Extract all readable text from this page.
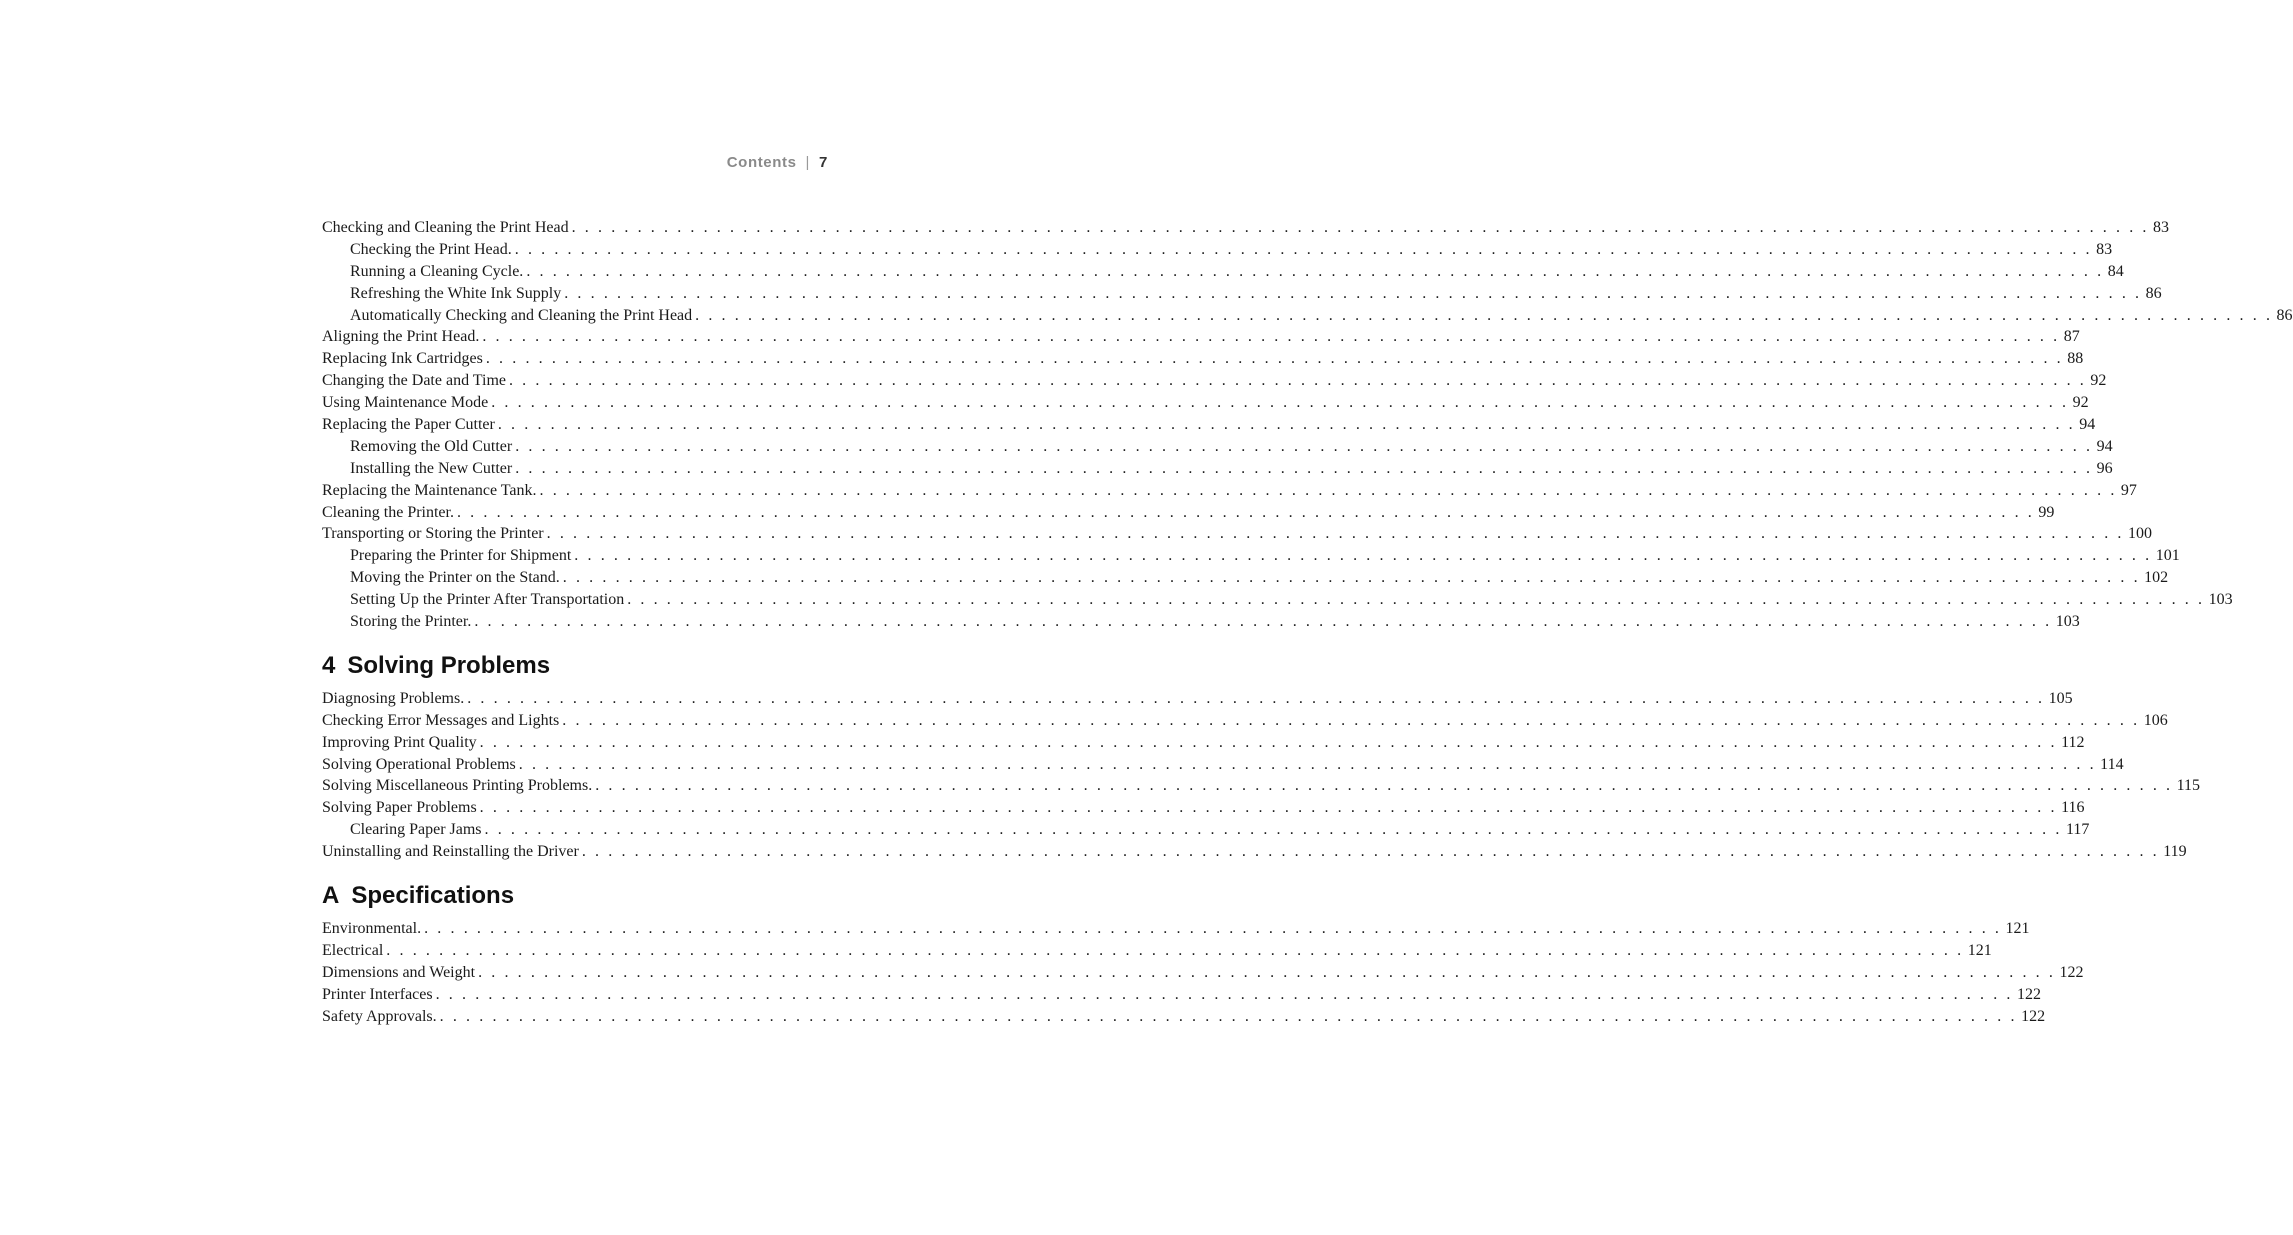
Contents | 7
Checking and Cleaning the Print Head . . . . . . . . . . . . . . . . . . . . . . . . . . . . . . . . . . . . . . . . . . . . . . . . . . . . . . . . . . . . . . . . . . . . . . . . . . . . . . . . . . . . . . . . . . . . . . . . . . . . . . . . . . . . . . . . . . . . . . . . 83
Checking the Print Head. . . . . . . . . . . . . . . . . . . . . . . . . . . . . . . . . . . . . . . . . . . . . . . . . . . . . . . . . . . . . . . . . . . . . . . . . . . . . . . . . . . . . . . . . . . . . . . . . . . . . . . . . . . . . . . . . . . . . . . . . 83
Running a Cleaning Cycle. . . . . . . . . . . . . . . . . . . . . . . . . . . . . . . . . . . . . . . . . . . . . . . . . . . . . . . . . . . . . . . . . . . . . . . . . . . . . . . . . . . . . . . . . . . . . . . . . . . . . . . . . . . . . . . . . . . . . . . . . 84
Refreshing the White Ink Supply . . . . . . . . . . . . . . . . . . . . . . . . . . . . . . . . . . . . . . . . . . . . . . . . . . . . . . . . . . . . . . . . . . . . . . . . . . . . . . . . . . . . . . . . . . . . . . . . . . . . . . . . . . . . . . . . . . . . . . . . 86
Automatically Checking and Cleaning the Print Head . . . . . . . . . . . . . . . . . . . . . . . . . . . . . . . . . . . . . . . . . . . . . . . . . . . . . . . . . . . . . . . . . . . . . . . . . . . . . . . . . . . . . . . . . . . . . . . . . . . . . . . . . . . . . . . . . . . . . . . . 86
Aligning the Print Head. . . . . . . . . . . . . . . . . . . . . . . . . . . . . . . . . . . . . . . . . . . . . . . . . . . . . . . . . . . . . . . . . . . . . . . . . . . . . . . . . . . . . . . . . . . . . . . . . . . . . . . . . . . . . . . . . . . . . . . . . 87
Replacing Ink Cartridges . . . . . . . . . . . . . . . . . . . . . . . . . . . . . . . . . . . . . . . . . . . . . . . . . . . . . . . . . . . . . . . . . . . . . . . . . . . . . . . . . . . . . . . . . . . . . . . . . . . . . . . . . . . . . . . . . . . . . . . . 88
Changing the Date and Time . . . . . . . . . . . . . . . . . . . . . . . . . . . . . . . . . . . . . . . . . . . . . . . . . . . . . . . . . . . . . . . . . . . . . . . . . . . . . . . . . . . . . . . . . . . . . . . . . . . . . . . . . . . . . . . . . . . . . . . . 92
Using Maintenance Mode . . . . . . . . . . . . . . . . . . . . . . . . . . . . . . . . . . . . . . . . . . . . . . . . . . . . . . . . . . . . . . . . . . . . . . . . . . . . . . . . . . . . . . . . . . . . . . . . . . . . . . . . . . . . . . . . . . . . . . . . 92
Replacing the Paper Cutter . . . . . . . . . . . . . . . . . . . . . . . . . . . . . . . . . . . . . . . . . . . . . . . . . . . . . . . . . . . . . . . . . . . . . . . . . . . . . . . . . . . . . . . . . . . . . . . . . . . . . . . . . . . . . . . . . . . . . . . . 94
Removing the Old Cutter . . . . . . . . . . . . . . . . . . . . . . . . . . . . . . . . . . . . . . . . . . . . . . . . . . . . . . . . . . . . . . . . . . . . . . . . . . . . . . . . . . . . . . . . . . . . . . . . . . . . . . . . . . . . . . . . . . . . . . . . 94
Installing the New Cutter . . . . . . . . . . . . . . . . . . . . . . . . . . . . . . . . . . . . . . . . . . . . . . . . . . . . . . . . . . . . . . . . . . . . . . . . . . . . . . . . . . . . . . . . . . . . . . . . . . . . . . . . . . . . . . . . . . . . . . . . 96
Replacing the Maintenance Tank. . . . . . . . . . . . . . . . . . . . . . . . . . . . . . . . . . . . . . . . . . . . . . . . . . . . . . . . . . . . . . . . . . . . . . . . . . . . . . . . . . . . . . . . . . . . . . . . . . . . . . . . . . . . . . . . . . . . . . . . . 97
Cleaning the Printer. . . . . . . . . . . . . . . . . . . . . . . . . . . . . . . . . . . . . . . . . . . . . . . . . . . . . . . . . . . . . . . . . . . . . . . . . . . . . . . . . . . . . . . . . . . . . . . . . . . . . . . . . . . . . . . . . . . . . . . . . 99
Transporting or Storing the Printer . . . . . . . . . . . . . . . . . . . . . . . . . . . . . . . . . . . . . . . . . . . . . . . . . . . . . . . . . . . . . . . . . . . . . . . . . . . . . . . . . . . . . . . . . . . . . . . . . . . . . . . . . . . . . . . . . . . . . . . . 100
Preparing the Printer for Shipment . . . . . . . . . . . . . . . . . . . . . . . . . . . . . . . . . . . . . . . . . . . . . . . . . . . . . . . . . . . . . . . . . . . . . . . . . . . . . . . . . . . . . . . . . . . . . . . . . . . . . . . . . . . . . . . . . . . . . . . . 101
Moving the Printer on the Stand. . . . . . . . . . . . . . . . . . . . . . . . . . . . . . . . . . . . . . . . . . . . . . . . . . . . . . . . . . . . . . . . . . . . . . . . . . . . . . . . . . . . . . . . . . . . . . . . . . . . . . . . . . . . . . . . . . . . . . . . . 102
Setting Up the Printer After Transportation . . . . . . . . . . . . . . . . . . . . . . . . . . . . . . . . . . . . . . . . . . . . . . . . . . . . . . . . . . . . . . . . . . . . . . . . . . . . . . . . . . . . . . . . . . . . . . . . . . . . . . . . . . . . . . . . . . . . . . . . 103
Storing the Printer. . . . . . . . . . . . . . . . . . . . . . . . . . . . . . . . . . . . . . . . . . . . . . . . . . . . . . . . . . . . . . . . . . . . . . . . . . . . . . . . . . . . . . . . . . . . . . . . . . . . . . . . . . . . . . . . . . . . . . . . . 103
4 Solving Problems
Diagnosing Problems. . . . . . . . . . . . . . . . . . . . . . . . . . . . . . . . . . . . . . . . . . . . . . . . . . . . . . . . . . . . . . . . . . . . . . . . . . . . . . . . . . . . . . . . . . . . . . . . . . . . . . . . . . . . . . . . . . . . . . . . . 105
Checking Error Messages and Lights . . . . . . . . . . . . . . . . . . . . . . . . . . . . . . . . . . . . . . . . . . . . . . . . . . . . . . . . . . . . . . . . . . . . . . . . . . . . . . . . . . . . . . . . . . . . . . . . . . . . . . . . . . . . . . . . . . . . . . . . 106
Improving Print Quality . . . . . . . . . . . . . . . . . . . . . . . . . . . . . . . . . . . . . . . . . . . . . . . . . . . . . . . . . . . . . . . . . . . . . . . . . . . . . . . . . . . . . . . . . . . . . . . . . . . . . . . . . . . . . . . . . . . . . . . . 112
Solving Operational Problems . . . . . . . . . . . . . . . . . . . . . . . . . . . . . . . . . . . . . . . . . . . . . . . . . . . . . . . . . . . . . . . . . . . . . . . . . . . . . . . . . . . . . . . . . . . . . . . . . . . . . . . . . . . . . . . . . . . . . . . . 114
Solving Miscellaneous Printing Problems. . . . . . . . . . . . . . . . . . . . . . . . . . . . . . . . . . . . . . . . . . . . . . . . . . . . . . . . . . . . . . . . . . . . . . . . . . . . . . . . . . . . . . . . . . . . . . . . . . . . . . . . . . . . . . . . . . . . . . . . . 115
Solving Paper Problems . . . . . . . . . . . . . . . . . . . . . . . . . . . . . . . . . . . . . . . . . . . . . . . . . . . . . . . . . . . . . . . . . . . . . . . . . . . . . . . . . . . . . . . . . . . . . . . . . . . . . . . . . . . . . . . . . . . . . . . . 116
Clearing Paper Jams . . . . . . . . . . . . . . . . . . . . . . . . . . . . . . . . . . . . . . . . . . . . . . . . . . . . . . . . . . . . . . . . . . . . . . . . . . . . . . . . . . . . . . . . . . . . . . . . . . . . . . . . . . . . . . . . . . . . . . . . 117
Uninstalling and Reinstalling the Driver . . . . . . . . . . . . . . . . . . . . . . . . . . . . . . . . . . . . . . . . . . . . . . . . . . . . . . . . . . . . . . . . . . . . . . . . . . . . . . . . . . . . . . . . . . . . . . . . . . . . . . . . . . . . . . . . . . . . . . . . 119
A Specifications
Environmental. . . . . . . . . . . . . . . . . . . . . . . . . . . . . . . . . . . . . . . . . . . . . . . . . . . . . . . . . . . . . . . . . . . . . . . . . . . . . . . . . . . . . . . . . . . . . . . . . . . . . . . . . . . . . . . . . . . . . . . . . 121
Electrical . . . . . . . . . . . . . . . . . . . . . . . . . . . . . . . . . . . . . . . . . . . . . . . . . . . . . . . . . . . . . . . . . . . . . . . . . . . . . . . . . . . . . . . . . . . . . . . . . . . . . . . . . . . . . . . . . . . . . . . . 121
Dimensions and Weight . . . . . . . . . . . . . . . . . . . . . . . . . . . . . . . . . . . . . . . . . . . . . . . . . . . . . . . . . . . . . . . . . . . . . . . . . . . . . . . . . . . . . . . . . . . . . . . . . . . . . . . . . . . . . . . . . . . . . . . . 122
Printer Interfaces . . . . . . . . . . . . . . . . . . . . . . . . . . . . . . . . . . . . . . . . . . . . . . . . . . . . . . . . . . . . . . . . . . . . . . . . . . . . . . . . . . . . . . . . . . . . . . . . . . . . . . . . . . . . . . . . . . . . . . . . 122
Safety Approvals. . . . . . . . . . . . . . . . . . . . . . . . . . . . . . . . . . . . . . . . . . . . . . . . . . . . . . . . . . . . . . . . . . . . . . . . . . . . . . . . . . . . . . . . . . . . . . . . . . . . . . . . . . . . . . . . . . . . . . . . . 122
